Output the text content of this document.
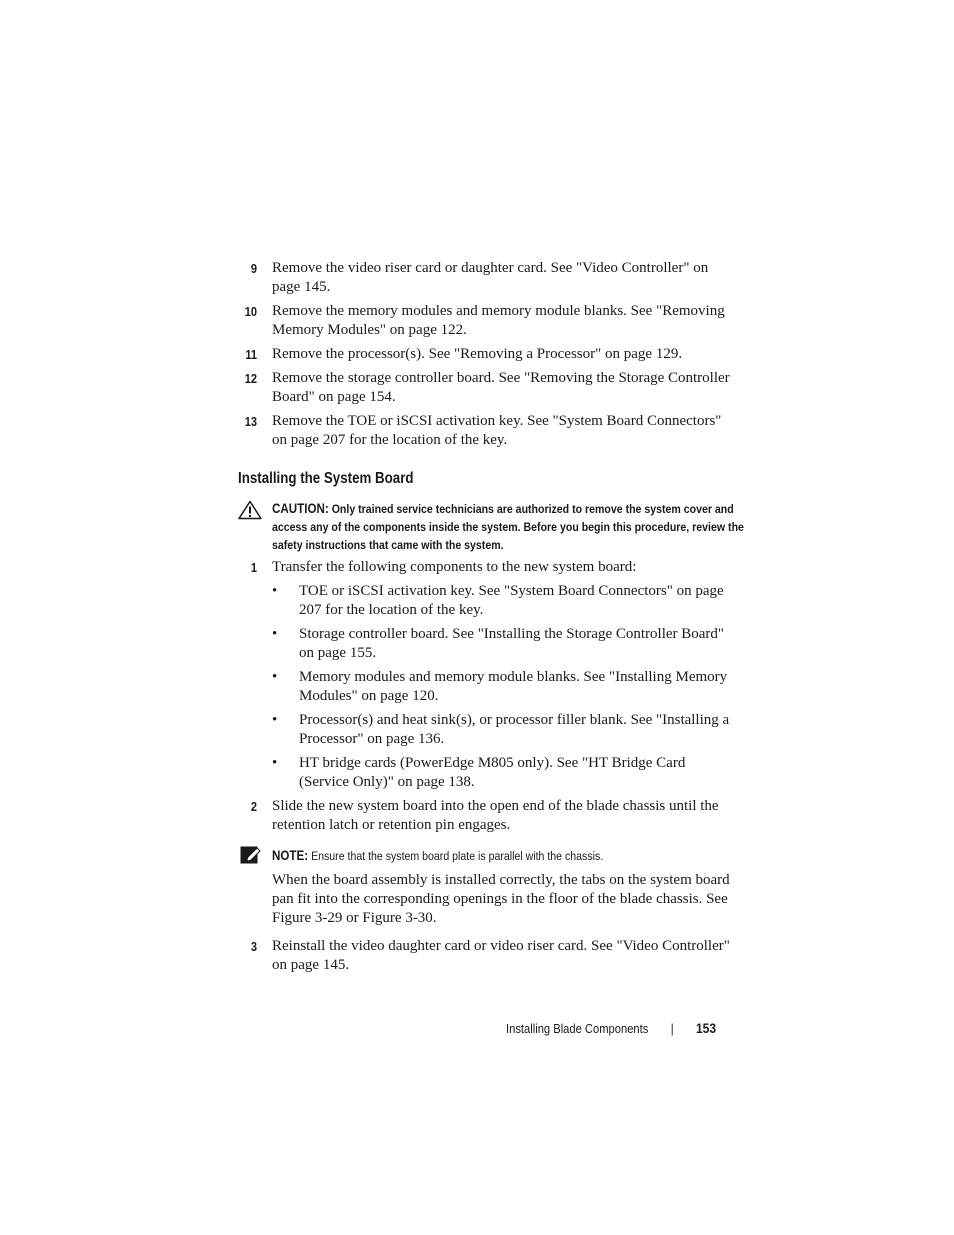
9 Remove the video riser card or daughter card. See "Video Controller" on page 145.
10 Remove the memory modules and memory module blanks. See "Removing Memory Modules" on page 122.
11 Remove the processor(s). See "Removing a Processor" on page 129.
12 Remove the storage controller board. See "Removing the Storage Controller Board" on page 154.
13 Remove the TOE or iSCSI activation key. See "System Board Connectors" on page 207 for the location of the key.
Installing the System Board
CAUTION: Only trained service technicians are authorized to remove the system cover and access any of the components inside the system. Before you begin this procedure, review the safety instructions that came with the system.
1 Transfer the following components to the new system board:
• TOE or iSCSI activation key. See "System Board Connectors" on page 207 for the location of the key.
• Storage controller board. See "Installing the Storage Controller Board" on page 155.
• Memory modules and memory module blanks. See "Installing Memory Modules" on page 120.
• Processor(s) and heat sink(s), or processor filler blank. See "Installing a Processor" on page 136.
• HT bridge cards (PowerEdge M805 only). See "HT Bridge Card (Service Only)" on page 138.
2 Slide the new system board into the open end of the blade chassis until the retention latch or retention pin engages.
NOTE: Ensure that the system board plate is parallel with the chassis.
When the board assembly is installed correctly, the tabs on the system board pan fit into the corresponding openings in the floor of the blade chassis. See Figure 3-29 or Figure 3-30.
3 Reinstall the video daughter card or video riser card. See "Video Controller" on page 145.
Installing Blade Components | 153
